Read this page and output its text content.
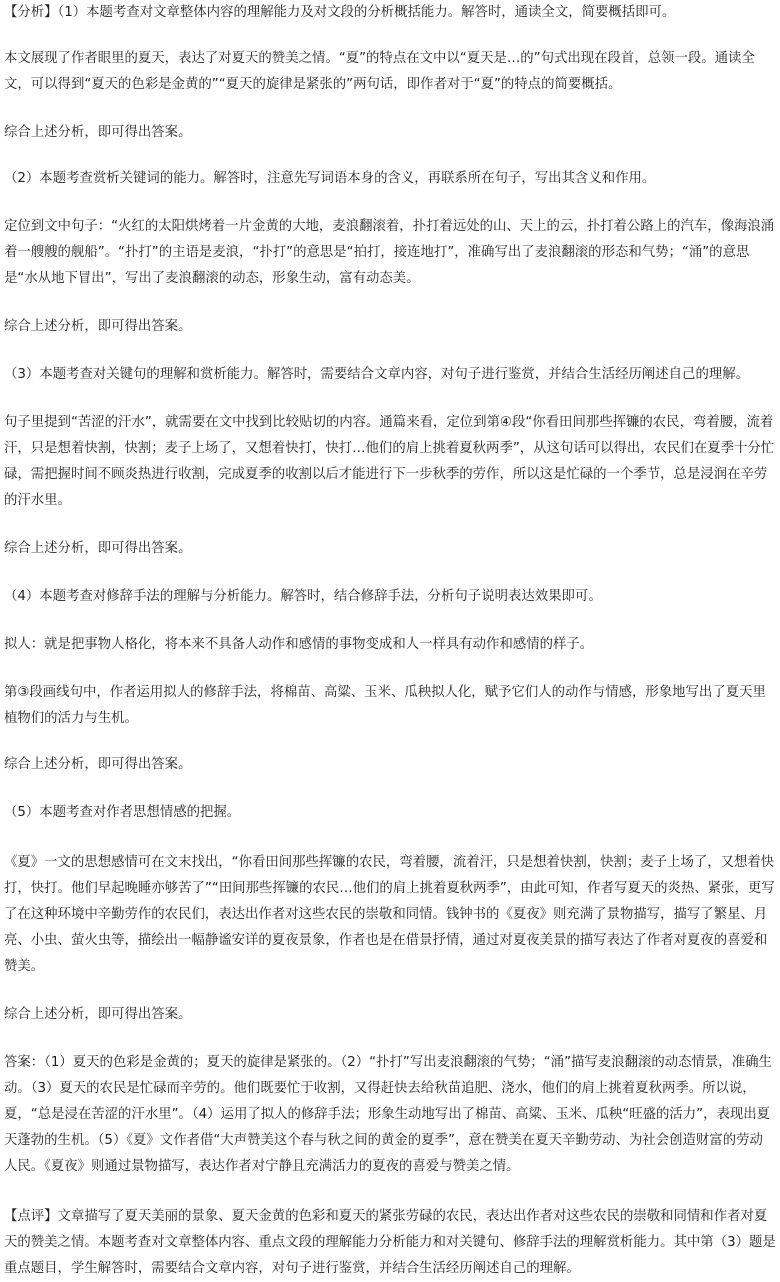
【分析】（1）本题考查对文章整体内容的理解能力及对文段的分析概括能力。解答时，通读全文，简要概括即可。

本文展现了作者眼里的夏天，表达了对夏天的赞美之情。“夏”的特点在文中以“夏天是…的”句式出现在段首，总领一段。通读全文，可以得到“夏天的色彩是金黄的”“夏天的旋律是紧张的”两句话，即作者对于“夏”的特点的简要概括。

综合上述分析，即可得出答案。

（2）本题考查赏析关键词的能力。解答时，注意先写词语本身的含义，再联系所在句子，写出其含义和作用。

定位到文中句子：“火红的太阳烘烤着一片金黄的大地，麦浪翻滚着，扑打着远处的山、天上的云，扑打着公路上的汽车，像海浪涌着一艘艘的舰船”。“扑打”的主语是麦浪，“扑打”的意思是“拍打，接连地打”，准确写出了麦浪翻滚的形态和气势；“涌”的意思是“水从地下冒出”，写出了麦浪翻滚的动态，形象生动，富有动态美。

综合上述分析，即可得出答案。

（3）本题考查对关键句的理解和赏析能力。解答时，需要结合文章内容，对句子进行鉴赏，并结合生活经历阐述自己的理解。

句子里提到“苦涩的汗水”，就需要在文中找到比较贴切的内容。通篇来看，定位到第④段“你看田间那些挥镰的农民，弯着腰，流着汗，只是想着快割，快割；麦子上场了，又想着快打，快打…他们的肩上挑着夏秋两季”，从这句话可以得出，农民们在夏季十分忙碌，需把握时间不顾炎热进行收割，完成夏季的收割以后才能进行下一步秋季的劳作，所以这是忙碌的一个季节，总是浸润在辛劳的汗水里。

综合上述分析，即可得出答案。

（4）本题考查对修辞手法的理解与分析能力。解答时，结合修辞手法，分析句子说明表达效果即可。

拟人：就是把事物人格化，将本来不具备人动作和感情的事物变成和人一样具有动作和感情的样子。

第③段画线句中，作者运用拟人的修辞手法，将棉苗、高粱、玉米、瓜秧拟人化，赋予它们人的动作与情感，形象地写出了夏天里植物们的活力与生机。

综合上述分析，即可得出答案。

（5）本题考查对作者思想情感的把握。

《夏》一文的思想感情可在文末找出，“你看田间那些挥镰的农民，弯着腰，流着汗，只是想着快割，快割；麦子上场了，又想着快打，快打。他们早起晚睡亦够苦了”“田间那些挥镰的农民…他们的肩上挑着夏秋两季”，由此可知，作者写夏天的炎热、紧张，更写了在这种环境中辛勤劳作的农民们，表达出作者对这些农民的崇敬和同情。钱钟书的《夏夜》则充满了景物描写，描写了繁星、月亮、小虫、萤火虫等，描绘出一幅静谧安详的夏夜景象，作者也是在借景抒情，通过对夏夜美景的描写表达了作者对夏夜的喜爱和赞美。

综合上述分析，即可得出答案。

答案：（1）夏天的色彩是金黄的；夏天的旋律是紧张的。（2）“扑打”写出麦浪翻滚的气势；“涌”描写麦浪翻滚的动态情景，准确生动。（3）夏天的农民是忙碌而辛劳的。他们既要忙于收割，又得赶快去给秋苗追肥、浇水，他们的肩上挑着夏秋两季。所以说，夏，“总是浸在苦涩的汗水里”。（4）运用了拟人的修辞手法；形象生动地写出了棉苗、高粱、玉米、瓜秧“旺盛的活力”，表现出夏天蓬勃的生机。（5）《夏》文作者借“大声赞美这个春与秋之间的黄金的夏季”，意在赞美在夏天辛勤劳动、为社会创造财富的劳动人民。《夏夜》则通过景物描写，表达作者对宁静且充满活力的夏夜的喜爱与赞美之情。

【点评】文章描写了夏天美丽的景象、夏天金黄的色彩和夏天的紧张劳碌的农民，表达出作者对这些农民的崇敬和同情和作者对夏天的赞美之情。本题考查对文章整体内容、重点文段的理解能力分析能力和对关键句、修辞手法的理解赏析能力。其中第（3）题是重点题目，学生解答时，需要结合文章内容，对句子进行鉴赏，并结合生活经历阐述自己的理解。
